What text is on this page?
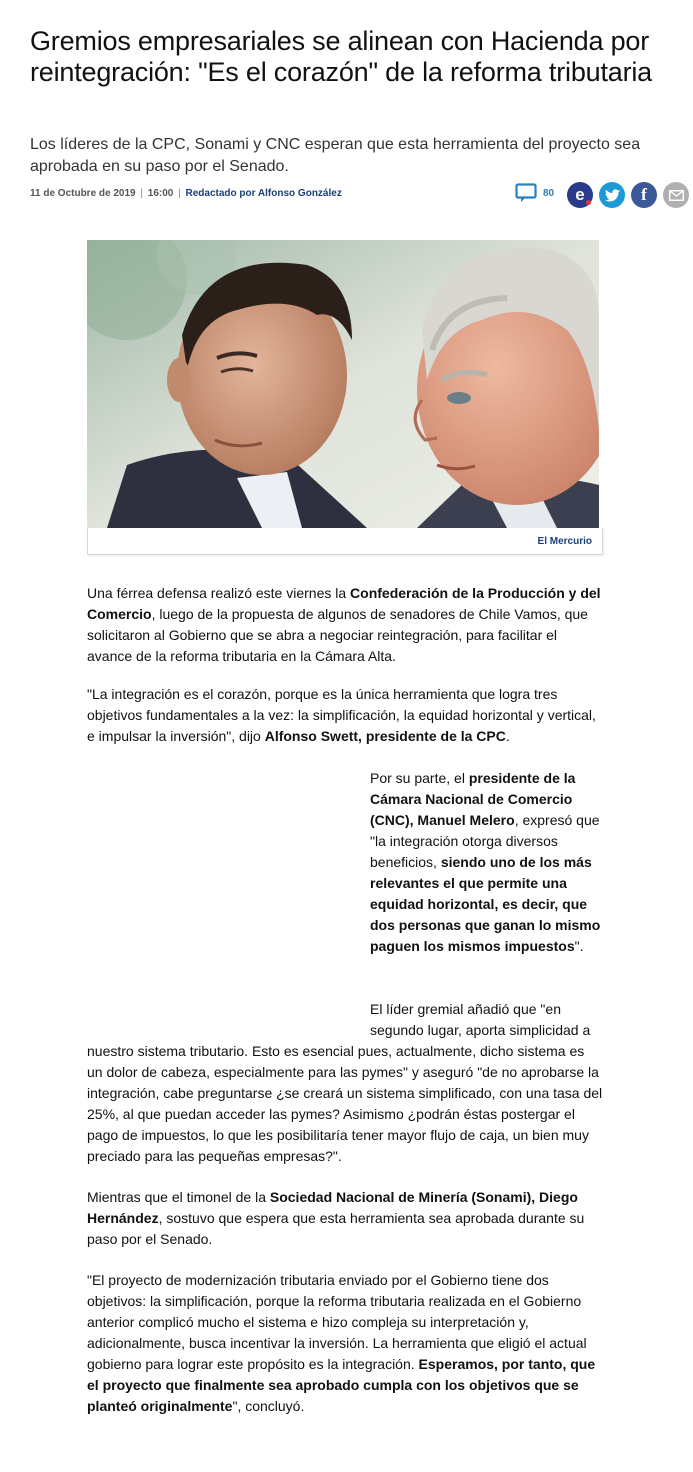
Gremios empresariales se alinean con Hacienda por reintegración: "Es el corazón" de la reforma tributaria

Los líderes de la CPC, Sonami y CNC esperan que esta herramienta del proyecto sea aprobada en su paso por el Senado.

11 de Octubre de 2019 | 16:00 | Redactado por Alfonso González	80 e	f
El Mercurio

Una férrea defensa realizó este viernes la Confederación de la Producción y del Comercio, luego de la propuesta de algunos de senadores de Chile Vamos, que solicitaron al Gobierno que se abra a negociar reintegración, para facilitar el avance de la reforma tributaria en la Cámara Alta.

"La integración es el corazón, porque es la única herramienta que logra tres objetivos fundamentales a la vez: la simplificación, la equidad horizontal y vertical, e impulsar la inversión", dijo Alfonso Swett, presidente de la CPC.

Por su parte, el presidente de la Cámara Nacional de Comercio (CNC), Manuel Melero, expresó que "la integración otorga diversos beneficios, siendo uno de los más relevantes el que permite una equidad horizontal, es decir, que dos personas que ganan lo mismo paguen los mismos impuestos".

El líder gremial añadió que "en segundo lugar, aporta simplicidad a

nuestro sistema tributario. Esto es esencial pues, actualmente, dicho sistema es un dolor de cabeza, especialmente para las pymes" y aseguró "de no aprobarse la integración, cabe preguntarse ¿se creará un sistema simplificado, con una tasa del 25%, al que puedan acceder las pymes? Asimismo ¿podrán éstas postergar el pago de impuestos, lo que les posibilitaría tener mayor flujo de caja, un bien muy preciado para las pequeñas empresas?".

Mientras que el timonel de la Sociedad Nacional de Minería (Sonami), Diego Hernández, sostuvo que espera que esta herramienta sea aprobada durante su paso por el Senado.

"El proyecto de modernización tributaria enviado por el Gobierno tiene dos objetivos: la simplificación, porque la reforma tributaria realizada en el Gobierno anterior complicó mucho el sistema e hizo compleja su interpretación y, adicionalmente, busca incentivar la inversión. La herramienta que eligió el actual gobierno para lograr este propósito es la integración. Esperamos, por tanto, que el proyecto que finalmente sea aprobado cumpla con los objetivos que se planteó originalmente", concluyó.
